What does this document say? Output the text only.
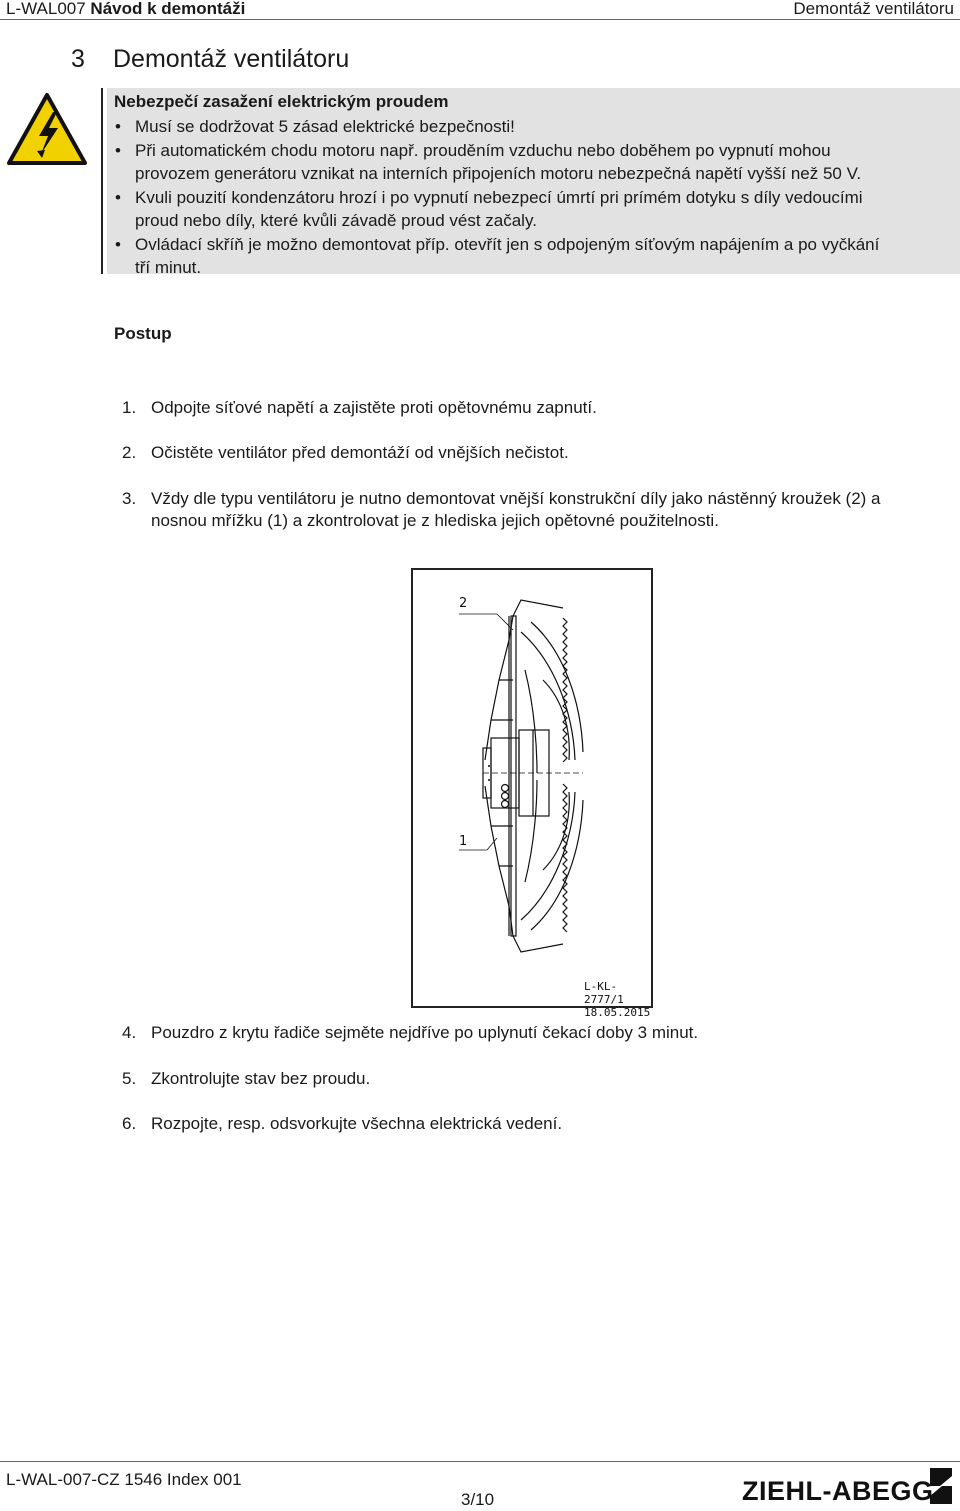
L-WAL007 Návod k demontáži	Demontáž ventilátoru
3 Demontáž ventilátoru
Nebezpečí zasažení elektrickým proudem
• Musí se dodržovat 5 zásad elektrické bezpečnosti!
• Při automatickém chodu motoru např. prouděním vzduchu nebo doběhem po vypnutí mohou
provozem generátoru vznikat na interních připojeních motoru nebezpečná napětí vyšší než 50 V.
• Kvuli pouzití kondenzátoru hrozí i po vypnutí nebezpecí úmrtí pri prímém dotyku s díly vedoucími
proud nebo díly, které kvůli závadě proud vést začaly.
• Ovládací skříň je možno demontovat příp. otevřít jen s odpojeným síťovým napájením a po vyčkání
tří minut.
Postup
1. Odpojte síťové napětí a zajistěte proti opětovnému zapnutí.
2. Očistěte ventilátor před demontáží od vnějších nečistot.
3. Vždy dle typu ventilátoru je nutno demontovat vnější konstrukční díly jako nástěnný kroužek (2) a
nosnou mřížku (1) a zkontrolovat je z hlediska jejich opětovné použitelnosti.
2
1
L-KL-2777/1
18.05.2015
4. Pouzdro z krytu řadiče sejměte nejdříve po uplynutí čekací doby 3 minut.
5. Zkontrolujte stav bez proudu.
6. Rozpojte, resp. odsvorkujte všechna elektrická vedení.
L-WAL-007-CZ 1546 Index 001
3/10	ZIEHL-ABEGG
